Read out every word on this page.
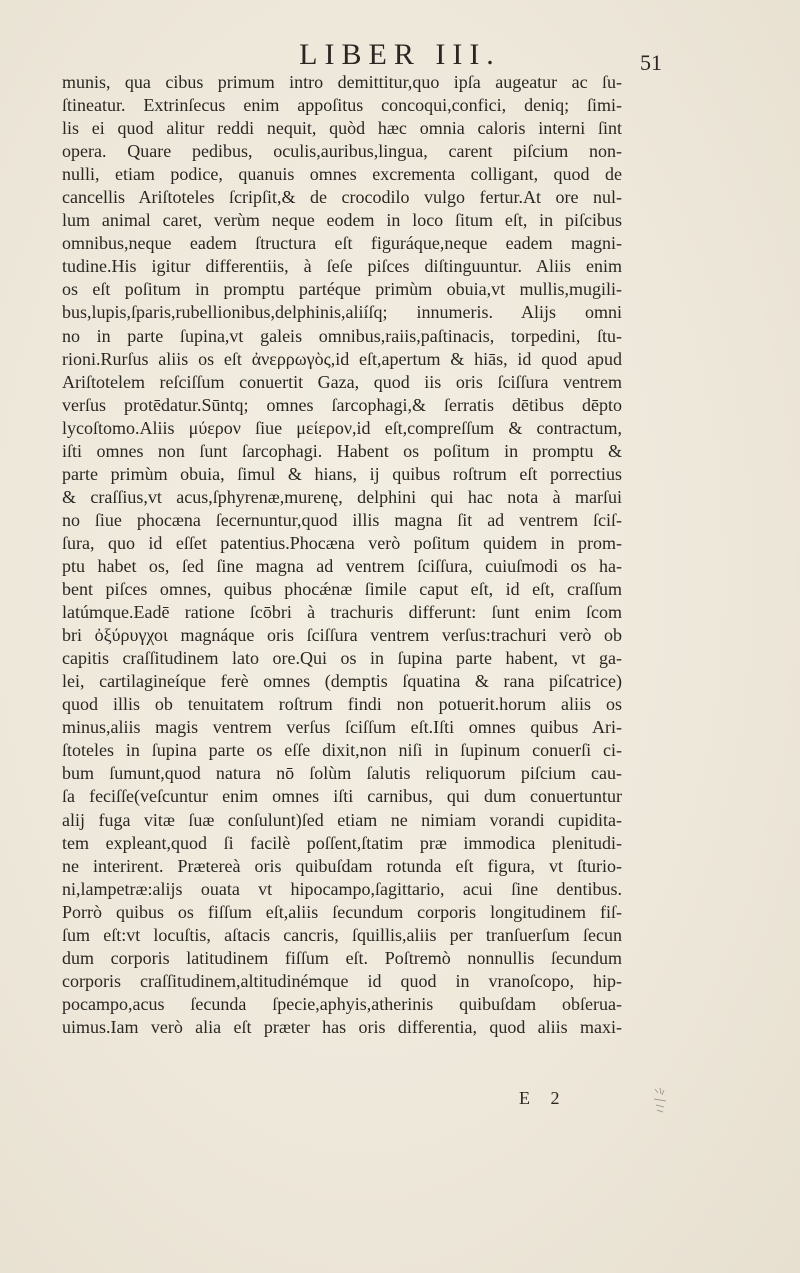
LIBER III.	51
munis, qua cibus primum intro demittitur,quo ipſa augeatur ac ſu-
ſtineatur. Extrinſecus enim appoſitus concoqui,confici, deniq; ſimi-
lis ei quod alitur reddi nequit, quòd hæc omnia caloris interni ſint
opera. Quare pedibus, oculis,auribus,lingua, carent piſcium non-
nulli, etiam podice, quanuis omnes excrementa colligant, quod de
cancellis Ariſtoteles ſcripſit,& de crocodilo vulgo fertur.At ore nul-
lum animal caret, verùm neque eodem in loco ſitum eſt, in piſcibus
omnibus,neque eadem ſtructura eſt figuráque,neque eadem magni-
tudine.His igitur differentiis, à ſeſe piſces diſtinguuntur. Aliis enim
os eſt poſitum in promptu partéque primùm obuia,vt mullis,mugili-
bus,lupis,ſparis,rubellionibus,delphinis,aliíſq; innumeris. Alijs omni
no in parte ſupina,vt galeis omnibus,raiis,paſtinacis, torpedini, ſtu-
rioni.Rurſus aliis os eſt ἀνερρωγὸς,id eſt,apertum & hiās, id quod apud
Ariſtotelem reſciſſum conuertit Gaza, quod iis oris ſciſſura ventrem
verſus protēdatur.Sūntq; omnes ſarcophagi,& ſerratis dētibus dēpto
lycoſtomo.Aliis μύερον ſiue μείερον,id eſt,compreſſum & contractum,
iſti omnes non ſunt ſarcophagi. Habent os poſitum in promptu &
parte primùm obuia, ſimul & hians, ij quibus roſtrum eſt porrectius
& craſſius,vt acus,ſphyrenæ,murenę, delphini qui hac nota à marſui
no ſiue phocæna ſecernuntur,quod illis magna ſit ad ventrem ſciſ-
ſura, quo id eſſet patentius.Phocæna verò poſitum quidem in prom-
ptu habet os, ſed ſine magna ad ventrem ſciſſura, cuiuſmodi os ha-
bent piſces omnes, quibus phocǽnæ ſimile caput eſt, id eſt, craſſum
latúmque.Eadē ratione ſcōbri à trachuris differunt: ſunt enim ſcom
bri ὀξύρυγχοι magnáque oris ſciſſura ventrem verſus:trachuri verò ob
capitis craſſitudinem lato ore.Qui os in ſupina parte habent, vt ga-
lei, cartilagineíque ferè omnes (demptis ſquatina & rana piſcatrice)
quod illis ob tenuitatem roſtrum findi non potuerit.horum aliis os
minus,aliis magis ventrem verſus ſciſſum eſt.Iſti omnes quibus Ari-
ſtoteles in ſupina parte os eſſe dixit,non niſi in ſupinum conuerſi ci-
bum ſumunt,quod natura nō ſolùm ſalutis reliquorum piſcium cau-
ſa feciſſe(veſcuntur enim omnes iſti carnibus, qui dum conuertuntur
alij fuga vitæ ſuæ conſulunt)ſed etiam ne nimiam vorandi cupidita-
tem expleant,quod ſi facilè poſſent,ſtatim præ immodica plenitudi-
ne interirent. Prætereà oris quibuſdam rotunda eſt figura, vt ſturio-
ni,lampetræ:alijs ouata vt hipocampo,ſagittario, acui ſine dentibus.
Porrò quibus os fiſſum eſt,aliis ſecundum corporis longitudinem fiſ-
ſum eſt:vt locuſtis, aſtacis cancris, ſquillis,aliis per tranſuerſum ſecun
dum corporis latitudinem fiſſum eſt. Poſtremò nonnullis ſecundum
corporis craſſitudinem,altitudinémque id quod in vranoſcopo, hip-
pocampo,acus ſecunda ſpecie,aphyis,atherinis quibuſdam obſerua-
uimus.Iam verò alia eſt præter has oris differentia, quod aliis maxi-
E 2
